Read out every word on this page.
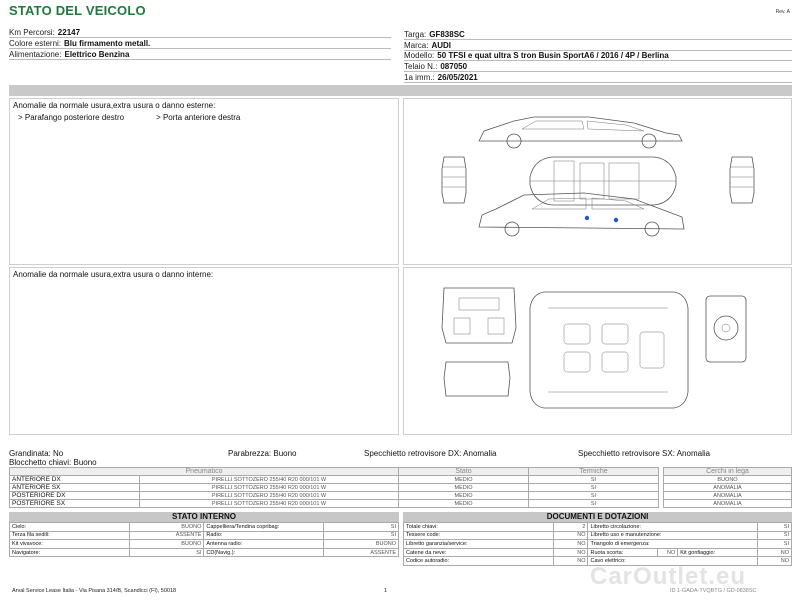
STATO DEL VEICOLO	Rev. A
Km Percorsi: 22147
Colore esterni: Blu firmamento metall.
Alimentazione: Elettrico Benzina
Targa: GF838SC
Marca: AUDI
Modello: 50 TFSI e quat ultra S tron Busin SportA6 / 2016 / 4P / Berlina
Telaio N.: 087050
1a imm.: 26/05/2021
Anomalie da normale usura,extra usura o danno esterne:
> Parafango posteriore destro	> Porta anteriore destra
Anomalie da normale usura,extra usura o danno interne:
Grandinata: No	Parabrezza: Buono	Specchietto retrovisore DX: Anomalia	Specchietto retrovisore SX: Anomalia
Blocchetto chiavi: Buono
Pneumatico		Stato	Termiche		Cerchi in lega
ANTERIORE DX	PIRELLI SOTTOZERO 255/40 R20 000/101 W	MEDIO	SI		BUONO
ANTERIORE SX	PIRELLI SOTTOZERO 255/40 R20 000/101 W	MEDIO	SI		ANOMALIA
POSTERIORE DX	PIRELLI SOTTOZERO 255/40 R20 000/101 W	MEDIO	SI		ANOMALIA
POSTERIORE SX	PIRELLI SOTTOZERO 255/40 R20 000/101 W	MEDIO	SI		ANOMALIA
STATO INTERNO
Cielo:	BUONO	Cappelliera/Tendina copribag:	SI
Terza fila sedili:	ASSENTE	Radio:	SI
Kit vivavoce:	BUONO	Antenna radio:	BUONO
Navigatore:	SI	CD(Navig.):	ASSENTE
DOCUMENTI E DOTAZIONI
Totale chiavi:	2	Libretto circolazione:			SI
Tessere code:	NO	Libretto uso e manutenzione:			SI
Libretto garanzia/service:	NO	Triangolo di emergenza:			SI
Catene da neve:	NO	Ruota scorta:	NO	Kit gonfiaggio:	NO
Codice autoradio:	NO	Cavo elettrico:			NO
CarOutlet.eu
Arval Service Lease Italia - Via Pisana 314/B, Scandicci (FI), 50018	1	ID 1-GADA-TVQBTG / GD-0838SC
